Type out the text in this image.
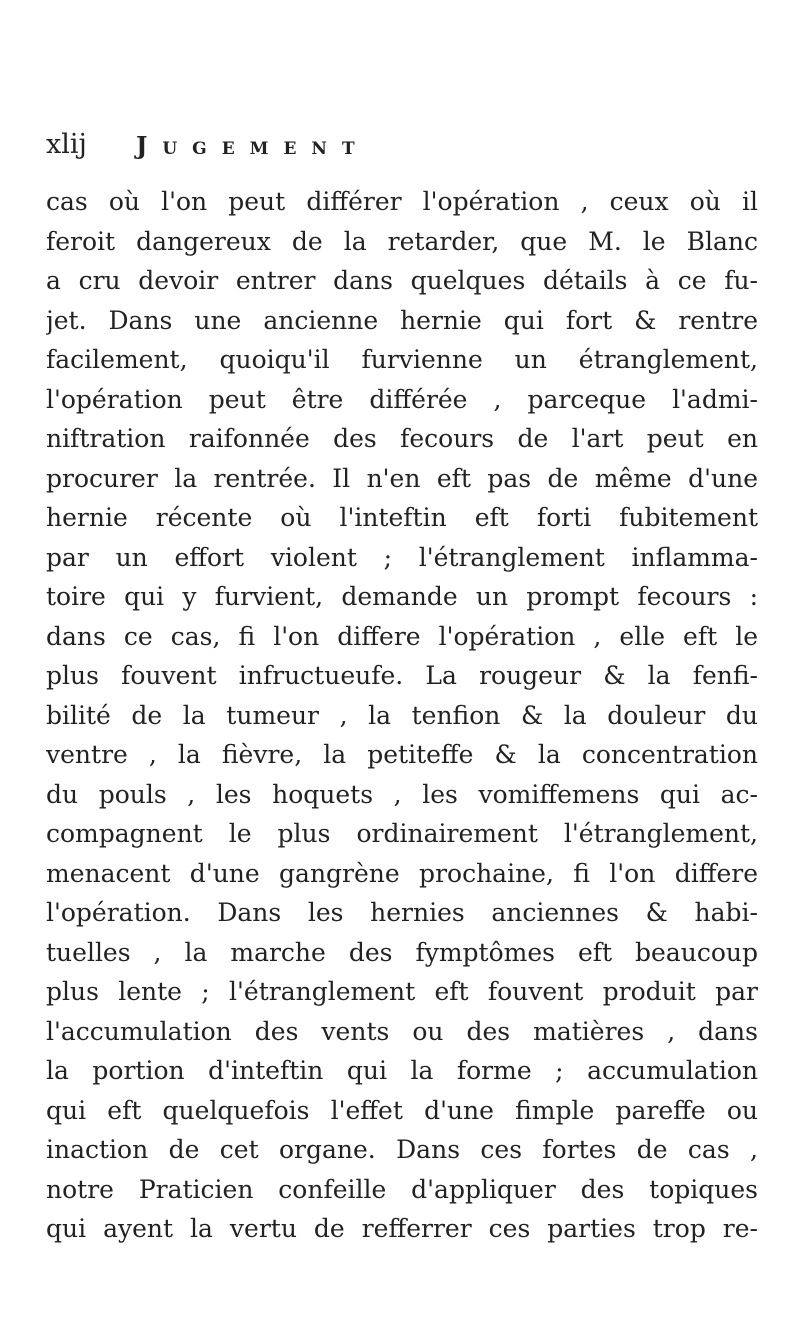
xlij Jugement
cas où l'on peut différer l'opération , ceux où il
feroit dangereux de la retarder, que M. le Blanc
a cru devoir entrer dans quelques détails à ce fu-
jet. Dans une ancienne hernie qui fort & rentre
facilement, quoiqu'il furvienne un étranglement,
l'opération peut être différée , parceque l'admi-
niftration raifonnée des fecours de l'art peut en
procurer la rentrée. Il n'en eft pas de même d'une
hernie récente où l'inteftin eft forti fubitement
par un effort violent ; l'étranglement inflamma-
toire qui y furvient, demande un prompt fecours :
dans ce cas, fi l'on differe l'opération , elle eft le
plus fouvent infructueufe. La rougeur & la fenfi-
bilité de la tumeur , la tenfion & la douleur du
ventre , la fièvre, la petiteffe & la concentration
du pouls , les hoquets , les vomiffemens qui ac-
compagnent le plus ordinairement l'étranglement,
menacent d'une gangrène prochaine, fi l'on differe
l'opération. Dans les hernies anciennes & habi-
tuelles , la marche des fymptômes eft beaucoup
plus lente ; l'étranglement eft fouvent produit par
l'accumulation des vents ou des matières , dans
la portion d'inteftin qui la forme ; accumulation
qui eft quelquefois l'effet d'une fimple pareffe ou
inaction de cet organe. Dans ces fortes de cas ,
notre Praticien confeille d'appliquer des topiques
qui ayent la vertu de refferrer ces parties trop re-
